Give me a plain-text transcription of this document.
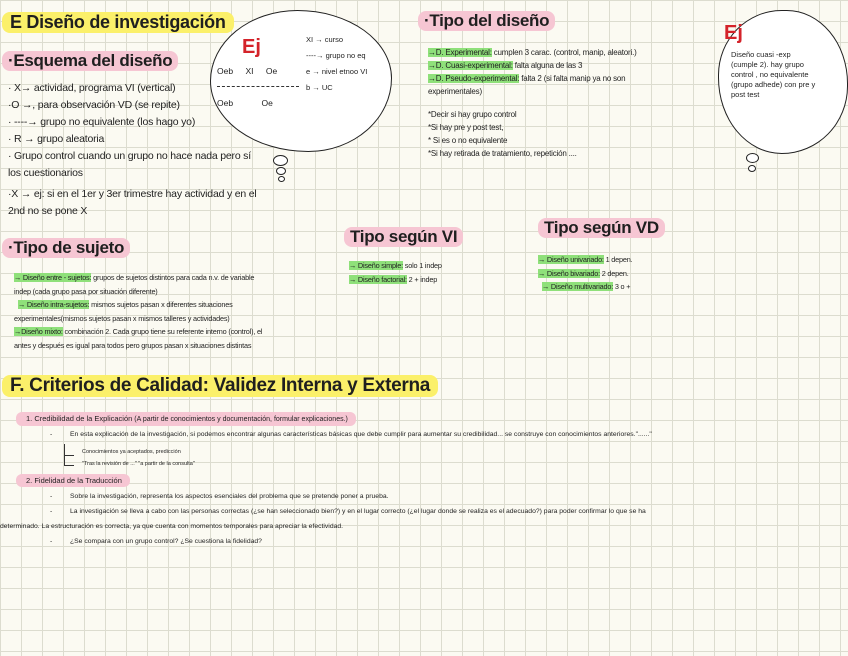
E Diseño de investigación
·Esquema del diseño
· X→ actividad, programa VI (vertical)
·O →, para observación VD (se repite)
· ----→ grupo no equivalente (los hago yo)
· R → grupo aleatoria
· Grupo control cuando un grupo no hace nada pero sí
los cuestionarios
·X → ej: si en el 1er y 3er trimestre hay actividad y en el
2nd no se pone X
Ej
Oeb XI Oe
Oeb	Oe
XI → curso
----→ grupo no eq
e → nivel etnoo VI
b → UC
·Tipo del diseño
→D. Experimental: cumplen 3 carac. (control, manip, aleatori.)
→D. Cuasi-experimental: falta alguna de las 3
→D. Pseudo-experimental: falta 2 (si falta manip ya no son
experimentales)
*Decir si hay grupo control
*Si hay pre y post test,
* Si es o no equivalente
*Si hay retirada de tratamiento, repetición ....
Ej
Diseño cuasi -exp (cumple 2). hay grupo control , no equivalente (grupo adhede) con pre y post test
·Tipo de sujeto
→ Diseño entre - sujetos: grupos de sujetos distintos para cada n.v. de variable
indep (cada grupo pasa por situación diferente)
→ Diseño intra-sujetos: mismos sujetos pasan x diferentes situaciones
experimentales(mismos sujetos pasan x mismos talleres y actividades)
→Diseño mixto: combinación 2. Cada grupo tiene su referente interno (control), el
antes y después es igual para todos pero grupos pasan x situaciones distintas
Tipo según VI
→ Diseño simple: solo 1 indep
→ Diseño factorial: 2 + indep
Tipo según VD
→ Diseño univariado: 1 depen.
→ Diseño bivariado: 2 depen.
→ Diseño multivariado: 3 o +
F. Criterios de Calidad: Validez Interna y Externa
1. Credibilidad de la Explicación (A partir de conocimientos y documentación, formular explicaciones.)
-	En esta explicación de la investigación, si podemos encontrar algunas características básicas que debe cumplir para aumentar su credibilidad... se construye con conocimientos anteriores."......"
Conocimientos ya aceptados, predicción
"Tras la revisión de ..." "a partir de la consulta"
2. Fidelidad de la Traducción
-	Sobre la investigación, representa los aspectos esenciales del problema que se pretende poner a prueba.
-	La investigación se lleva a cabo con las personas correctas (¿se han seleccionado bien?) y en el lugar correcto (¿el lugar donde se realiza es el adecuado?) para poder confirmar lo que se ha
determinado. La estructuración es correcta, ya que cuenta con momentos temporales para apreciar la efectividad.
-	¿Se compara con un grupo control? ¿Se cuestiona la fidelidad?
